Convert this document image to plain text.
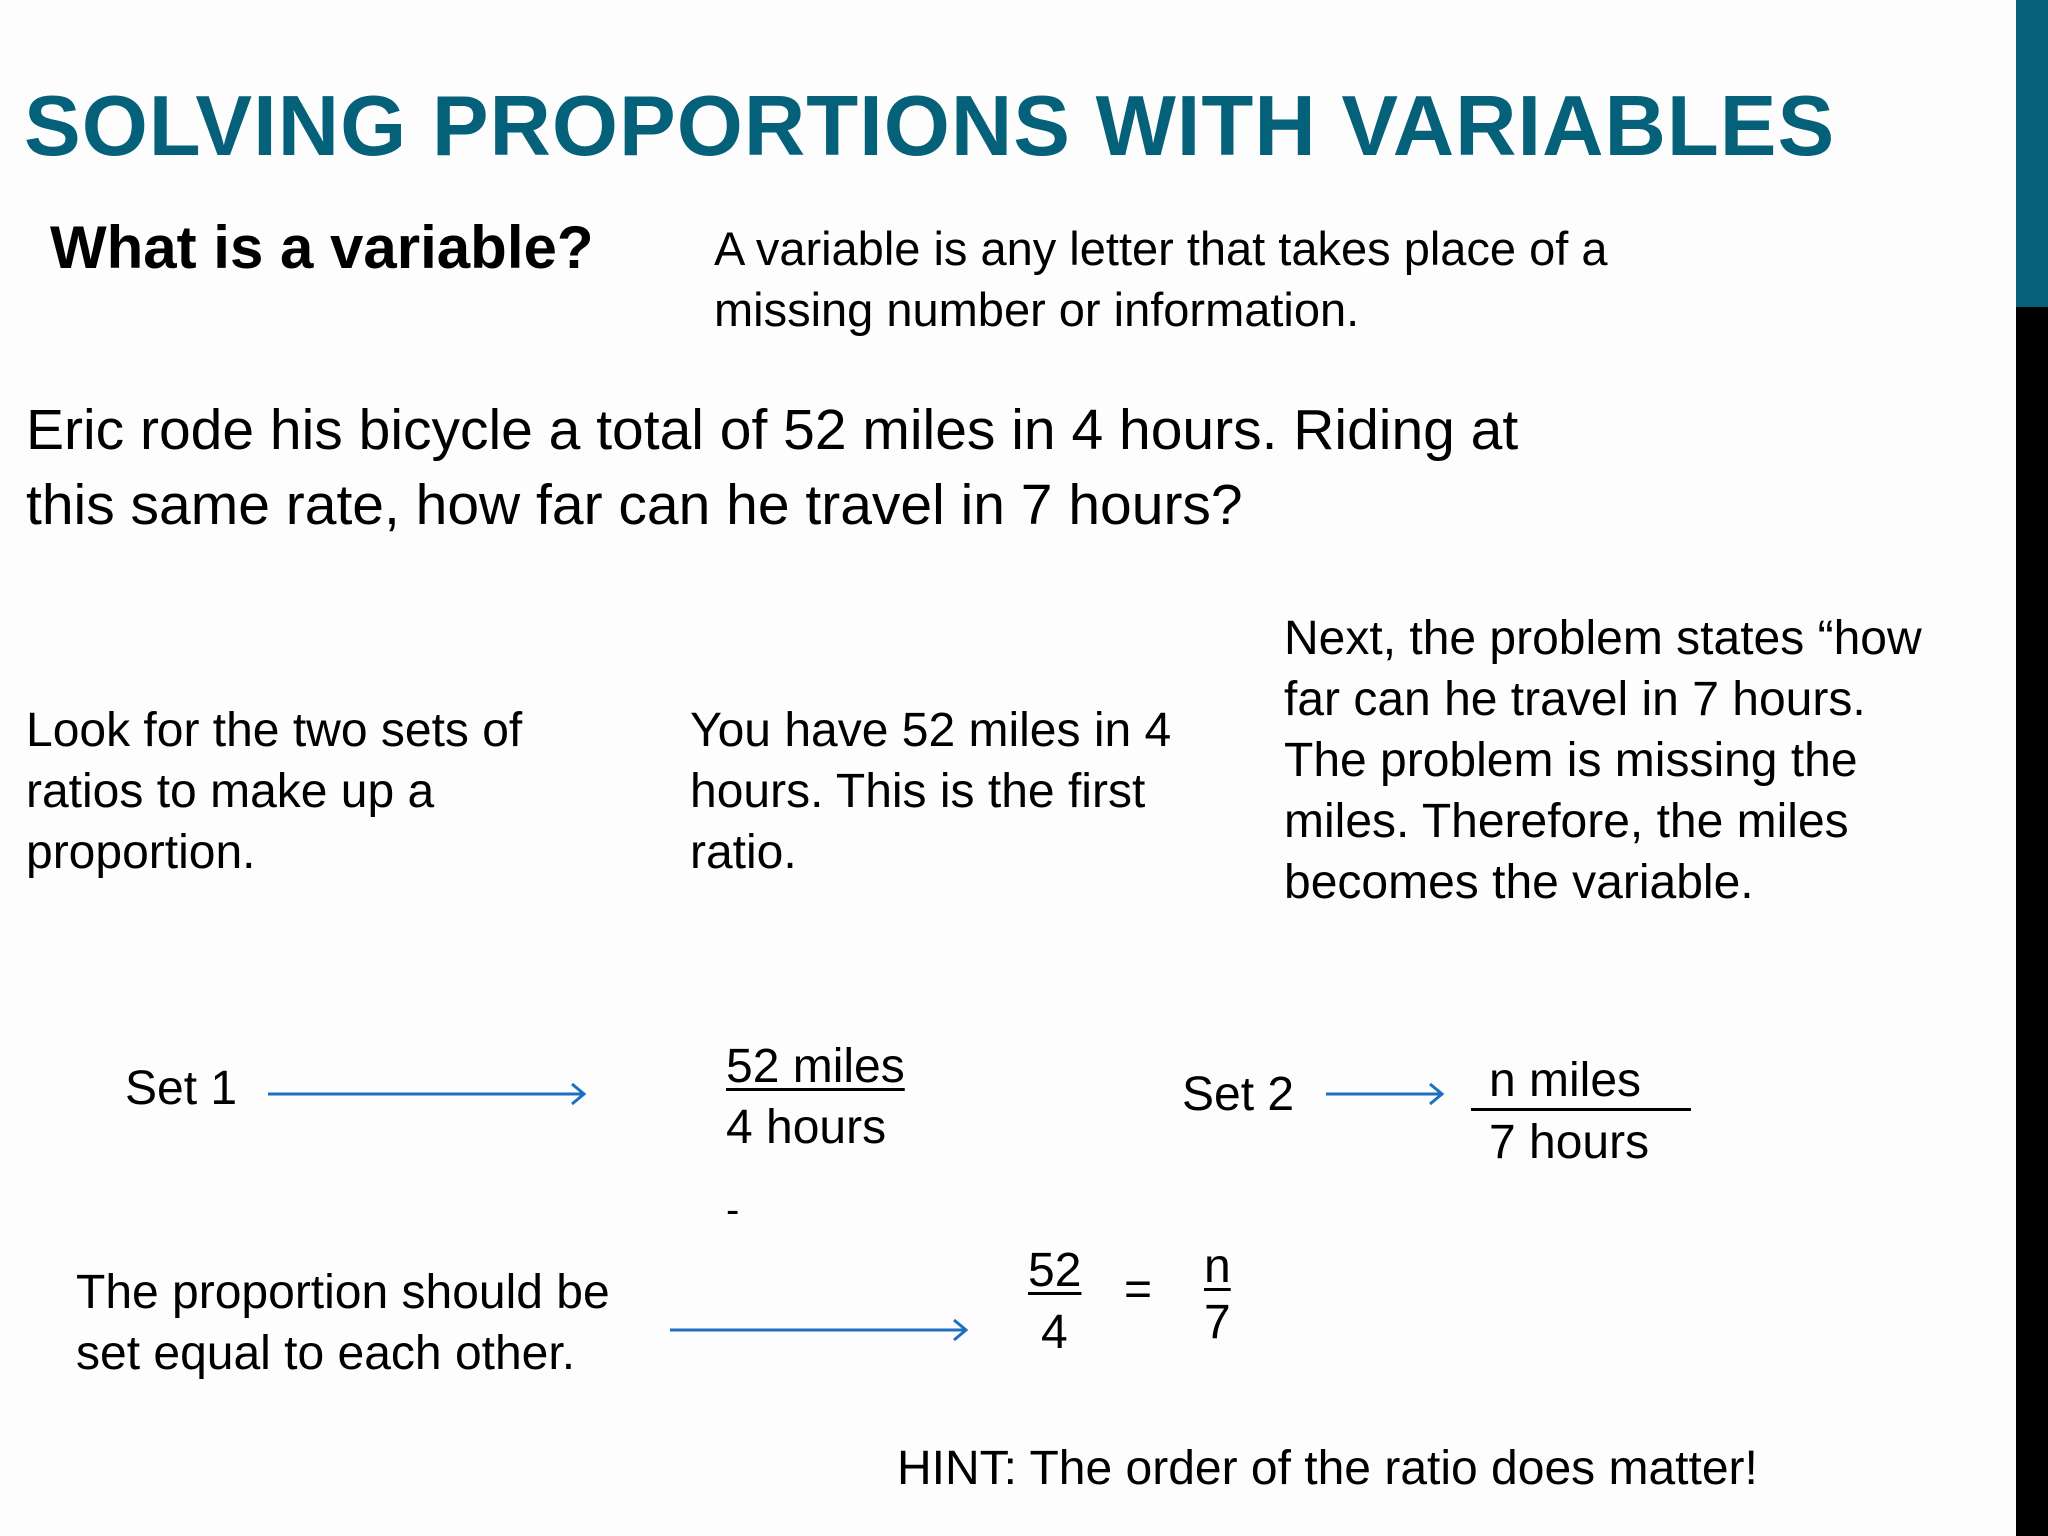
SOLVING PROPORTIONS WITH VARIABLES
What is a variable?	A variable is any letter that takes place of a
missing number or information.
Eric rode his bicycle a total of 52 miles in 4 hours. Riding at
this same rate, how far can he travel in 7 hours?
Look for the two sets of
ratios to make up a
proportion.
You have 52 miles in 4
hours. This is the first
ratio.
Next, the problem states “how
far can he travel in 7 hours.
The problem is missing the
miles. Therefore, the miles
becomes the variable.
Set 1	52 miles
4 hours
-
Set 2	n miles
7 hours
The proportion should be
set equal to each other.
52
4
= n
7
HINT: The order of the ratio does matter!
